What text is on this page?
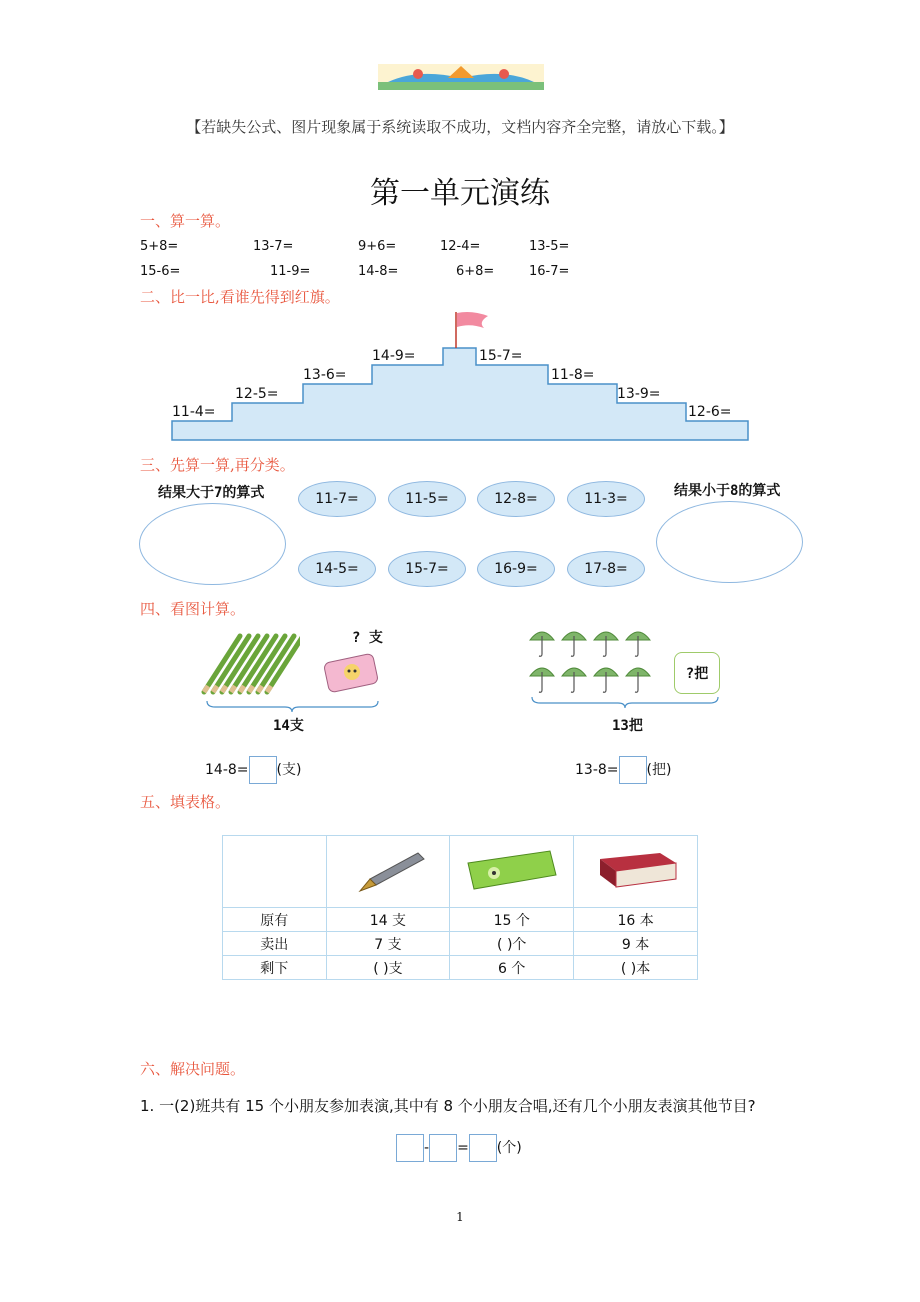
【若缺失公式、图片现象属于系统读取不成功，文档内容齐全完整，请放心下载。】
第一单元演练
一、算一算。
5+8=	13-7=	9+6=	12-4=	13-5=
15-6=	11-9=	14-8=	6+8=	16-7=
二、比一比,看谁先得到红旗。
11-4=
12-5=
13-6=
14-9=	15-7=
11-8=
13-9=
12-6=
三、先算一算,再分类。
结果大于7的算式	结果小于8的算式
11-7=	11-5=	12-8=	11-3=
14-5=	15-7=	16-9=	17-8=
四、看图计算。
? 支
14支
14-8= (支)
?把
13把
13-8= (把)
五、填表格。

原有	14 支	15 个	16 本
卖出	7 支	( )个	9 本
剩下	( )支	6 个	( )本
六、解决问题。
1. 一(2)班共有 15 个小朋友参加表演,其中有 8 个小朋友合唱,还有几个小朋友表演其他节目?
- = (个)
1
